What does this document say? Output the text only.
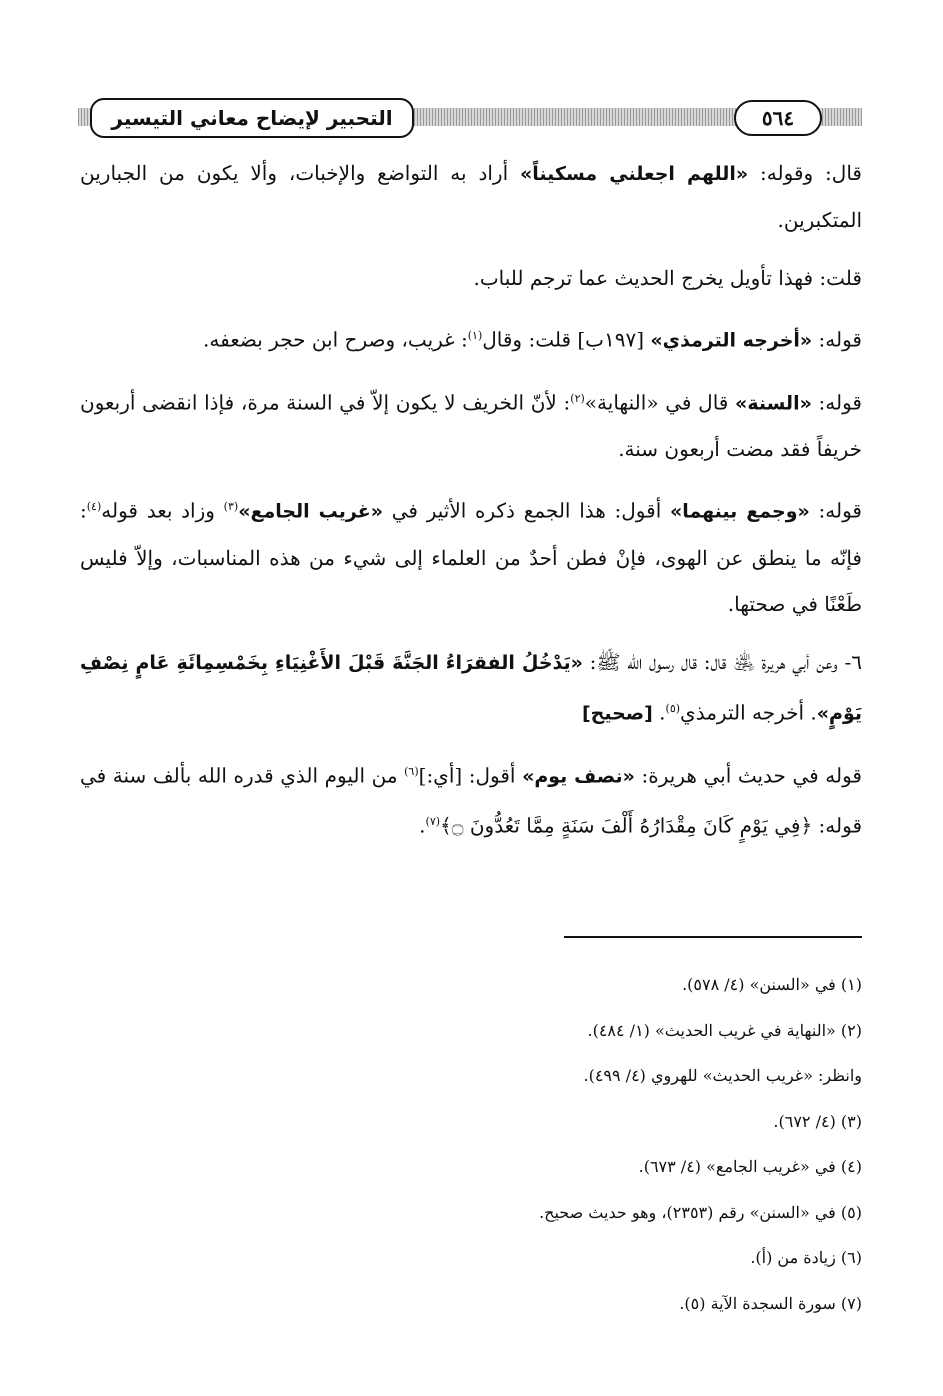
٥٦٤
التحبير لإيضاح معاني التيسير

قال: وقوله: «اللهم اجعلني مسكيناً» أراد به التواضع والإخبات، وألا يكون من الجبارين المتكبرين.

قلت: فهذا تأويل يخرج الحديث عما ترجم للباب.

قوله: «أخرجه الترمذي» [١٩٧ب] قلت: وقال$^{(١)}$: غريب، وصرح ابن حجر بضعفه.

قوله: «السنة» قال في «النهاية»$^{(٢)}$: لأنّ الخريف لا يكون إلاّ في السنة مرة، فإذا انقضى أربعون خريفاً فقد مضت أربعون سنة.

قوله: «وجمع بينهما» أقول: هذا الجمع ذكره الأثير في «غريب الجامع»$^{(٣)}$ وزاد بعد قوله$^{(٤)}$: فإنّه ما ينطق عن الهوى، فإنْ فطن أحدٌ من العلماء إلى شيء من هذه المناسبات، وإلاّ فليس طَعْنًا في صحتها.

٦- وعن أبي هريرة ﵁ قال: قال رسول الله ﷺ: «يَدْخُلُ الفقرَاءُ الجَنَّةَ قَبْلَ الأَغْنِيَاءِ بِخَمْسِمِائَةِ عَامٍ نِصْفِ يَوْمٍ». أخرجه الترمذي$^{(٥)}$. [صحيح]

قوله في حديث أبي هريرة: «نصف يوم» أقول: [أي:]$^{(٦)}$ من اليوم الذي قدره الله بألف سنة في قوله: ﴿فِي يَوْمٍ كَانَ مِقْدَارُهُ أَلْفَ سَنَةٍ مِمَّا تَعُدُّونَ ۝﴾$^{(٧)}$.

(١) في «السنن» (٤/ ٥٧٨).
(٢) «النهاية في غريب الحديث» (١/ ٤٨٤).
وانظر: «غريب الحديث» للهروي (٤/ ٤٩٩).
(٣) (٤/ ٦٧٢).
(٤) في «غريب الجامع» (٤/ ٦٧٣).
(٥) في «السنن» رقم (٢٣٥٣)، وهو حديث صحيح.
(٦) زيادة من (أ).
(٧) سورة السجدة الآية (٥).
